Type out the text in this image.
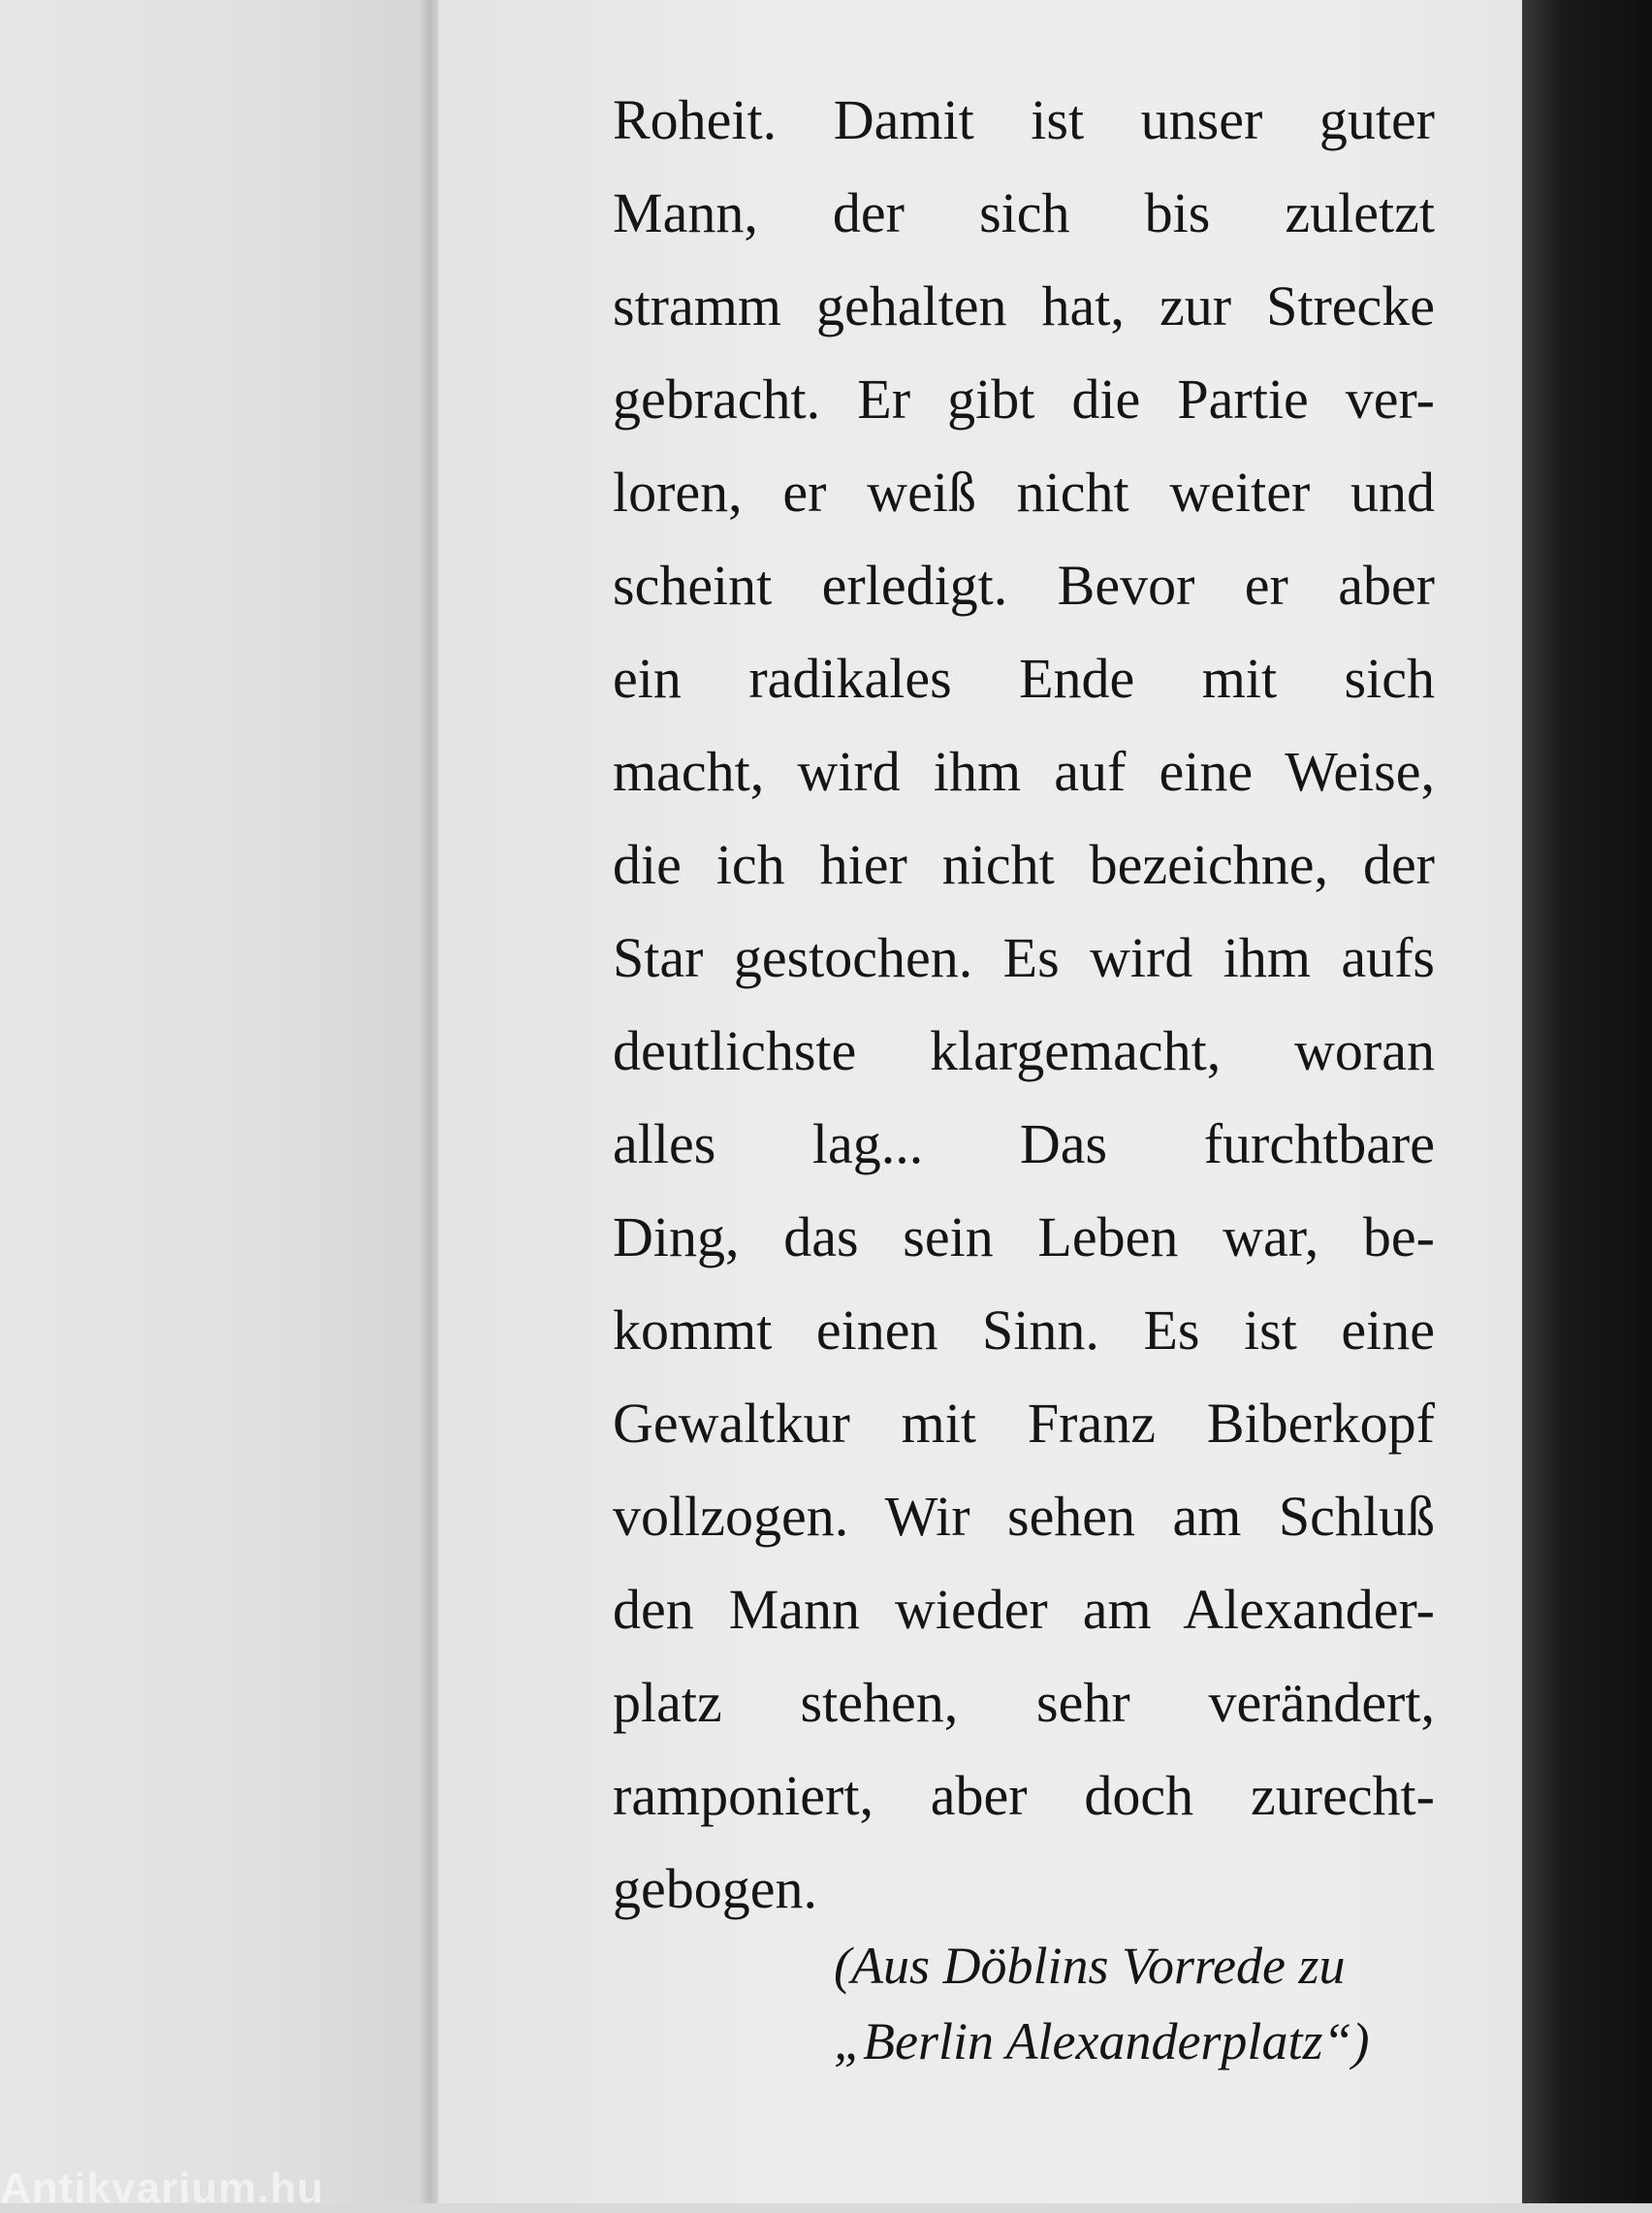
Roheit. Damit ist unser guter
Mann, der sich bis zuletzt
stramm gehalten hat, zur Strecke
gebracht. Er gibt die Partie ver-
loren, er weiß nicht weiter und
scheint erledigt. Bevor er aber
ein radikales Ende mit sich
macht, wird ihm auf eine Weise,
die ich hier nicht bezeichne, der
Star gestochen. Es wird ihm aufs
deutlichste klargemacht, woran
alles lag... Das furchtbare
Ding, das sein Leben war, be-
kommt einen Sinn. Es ist eine
Gewaltkur mit Franz Biberkopf
vollzogen. Wir sehen am Schluß
den Mann wieder am Alexander-
platz stehen, sehr verändert,
ramponiert, aber doch zurecht-
gebogen.
(Aus Döblins Vorrede zu
„Berlin Alexanderplatz“)
Antikvarium.hu
